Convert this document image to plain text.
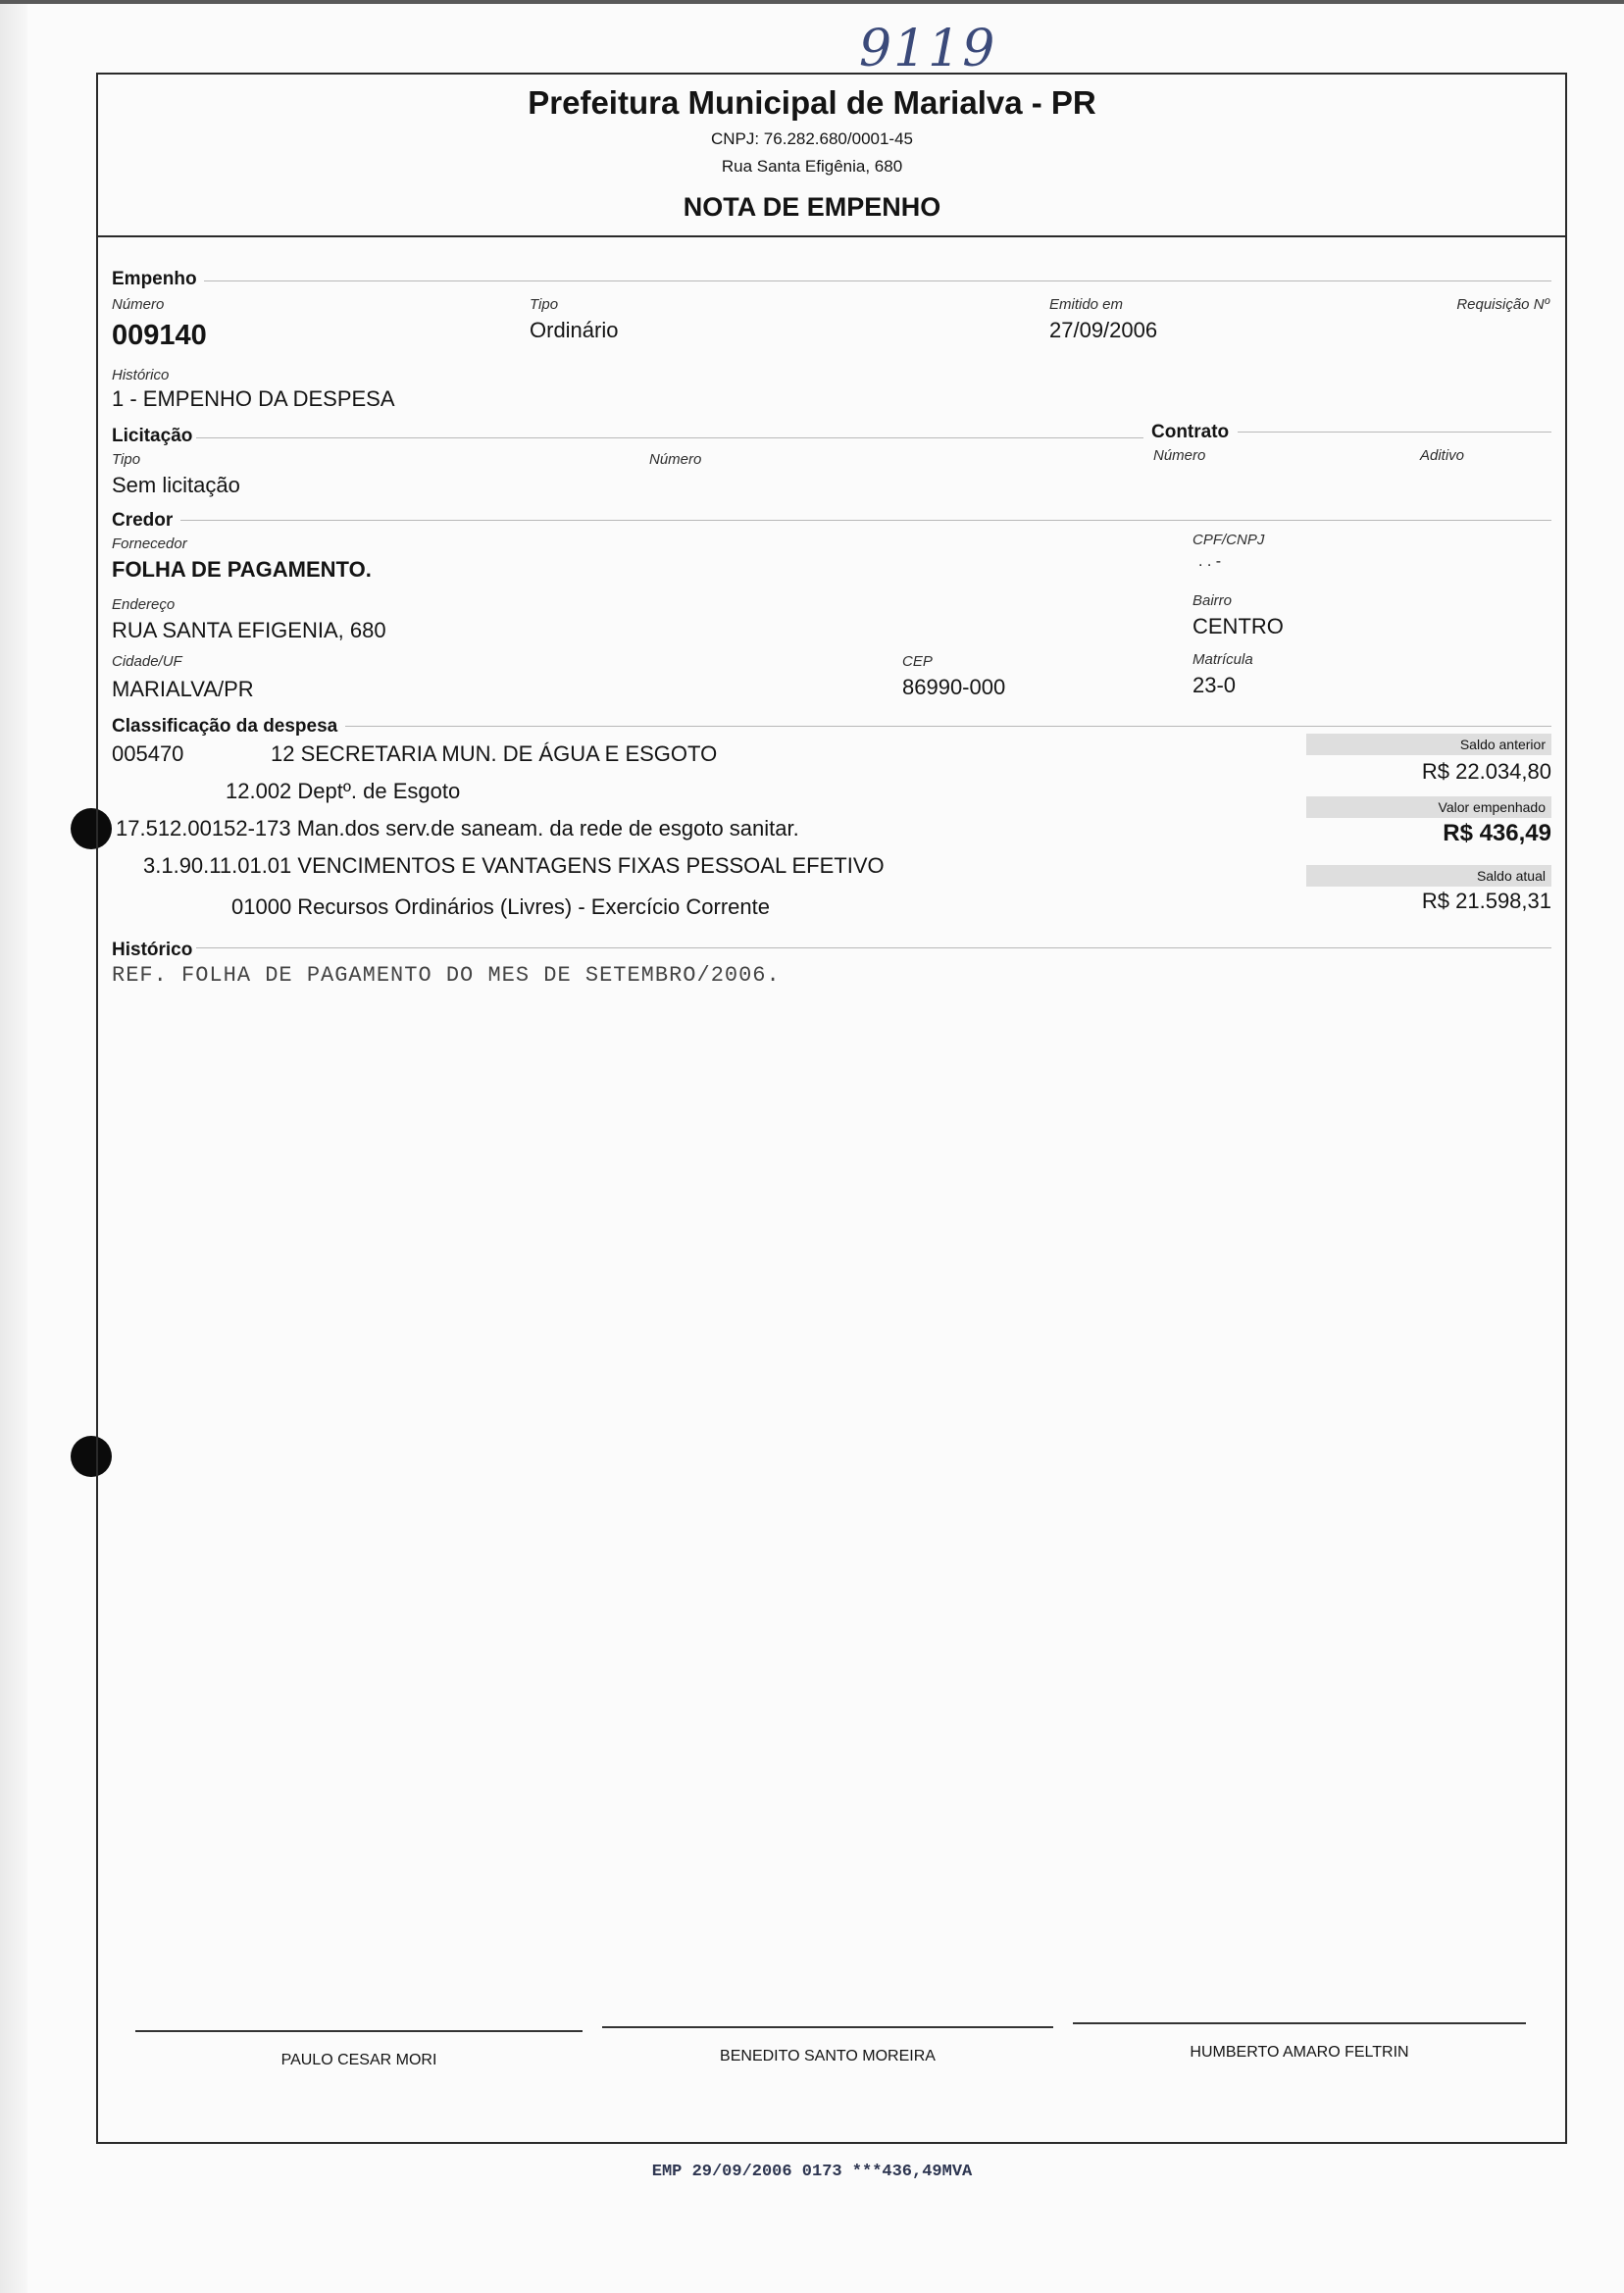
9119
Prefeitura Municipal de Marialva - PR
CNPJ: 76.282.680/0001-45
Rua Santa Efigênia, 680
NOTA DE EMPENHO
Empenho
Número
009140
Tipo
Ordinário
Emitido em
27/09/2006
Requisição Nº
Histórico
1 - EMPENHO DA DESPESA
Licitação	Contrato
Tipo
Sem licitação
Número	Número	Aditivo
Credor
Fornecedor
FOLHA DE PAGAMENTO.
CPF/CNPJ
. . -
Endereço
RUA SANTA EFIGENIA, 680
Bairro
CENTRO
Cidade/UF
MARIALVA/PR
CEP
86990-000
Matrícula
23-0
Classificação da despesa
005470	12 SECRETARIA MUN. DE ÁGUA E ESGOTO
12.002 Deptº. de Esgoto
17.512.00152-173 Man.dos serv.de saneam. da rede de esgoto sanitar.
3.1.90.11.01.01 VENCIMENTOS E VANTAGENS FIXAS PESSOAL EFETIVO
01000 Recursos Ordinários (Livres) - Exercício Corrente
Saldo anterior
R$ 22.034,80
Valor empenhado
R$ 436,49
Saldo atual
R$ 21.598,31
Histórico
REF. FOLHA DE PAGAMENTO DO MES DE SETEMBRO/2006.
PAULO CESAR MORI	BENEDITO SANTO MOREIRA	HUMBERTO AMARO FELTRIN
EMP 29/09/2006 0173 ***436,49MVA
